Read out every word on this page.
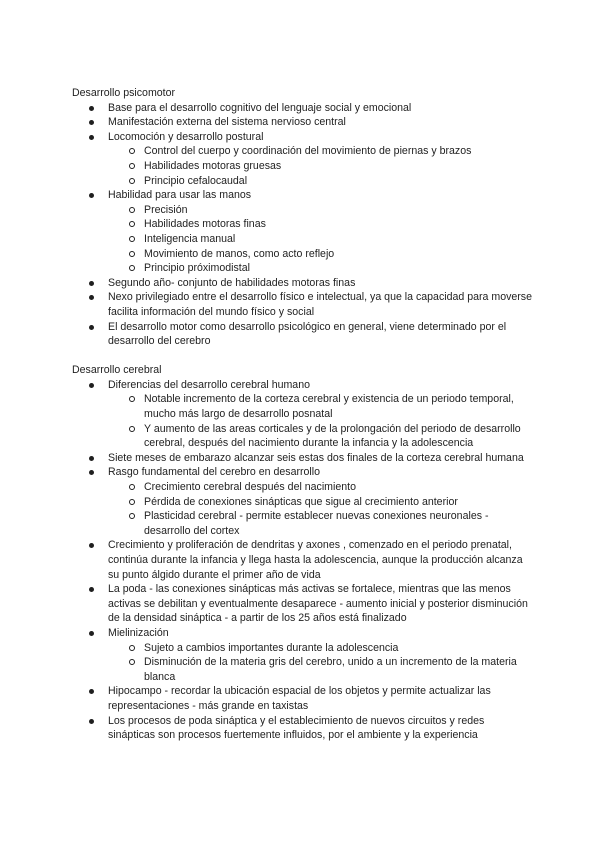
Desarrollo psicomotor

Base para el desarrollo cognitivo del lenguaje social y emocional
Manifestación externa del sistema nervioso central
Locomoción y desarrollo postural
Control del cuerpo y coordinación del movimiento de piernas y brazos
Habilidades motoras gruesas
Principio cefalocaudal
Habilidad para usar las manos
Precisión
Habilidades motoras finas
Inteligencia manual
Movimiento de manos, como acto reflejo
Principio próximodistal
Segundo año- conjunto de habilidades motoras finas
Nexo privilegiado entre el desarrollo físico e intelectual, ya que la capacidad para moverse facilita información del mundo físico y social
El desarrollo motor como desarrollo psicológico en general, viene determinado por el desarrollo del cerebro

Desarrollo cerebral

Diferencias del desarrollo cerebral humano
Notable incremento de la corteza cerebral y existencia de un periodo temporal, mucho más largo de desarrollo posnatal
Y aumento de las areas corticales y de la prolongación del periodo de desarrollo cerebral, después del nacimiento durante la infancia y la adolescencia
Siete meses de embarazo alcanzar seis estas dos finales de la corteza cerebral humana
Rasgo fundamental del cerebro en desarrollo
Crecimiento cerebral después del nacimiento
Pérdida de conexiones sinápticas que sigue al crecimiento anterior
Plasticidad cerebral - permite establecer nuevas conexiones neuronales - desarrollo del cortex
Crecimiento y proliferación de dendritas y axones , comenzado en el periodo prenatal, continúa durante la infancia y llega hasta la adolescencia, aunque la producción alcanza su punto álgido durante el primer año de vida
La poda - las conexiones sinápticas más activas se fortalece, mientras que las menos activas se debilitan y eventualmente desaparece - aumento inicial y posterior disminución de la densidad sináptica - a partir de los 25 años está finalizado
Mielinización
Sujeto a cambios importantes durante la adolescencia
Disminución de la materia gris del cerebro, unido a un incremento de la materia blanca
Hipocampo - recordar la ubicación espacial de los objetos y permite actualizar las representaciones - más grande en taxistas
Los procesos de poda sináptica y el establecimiento de nuevos circuitos y redes sinápticas son procesos fuertemente influidos, por el ambiente y la experiencia
